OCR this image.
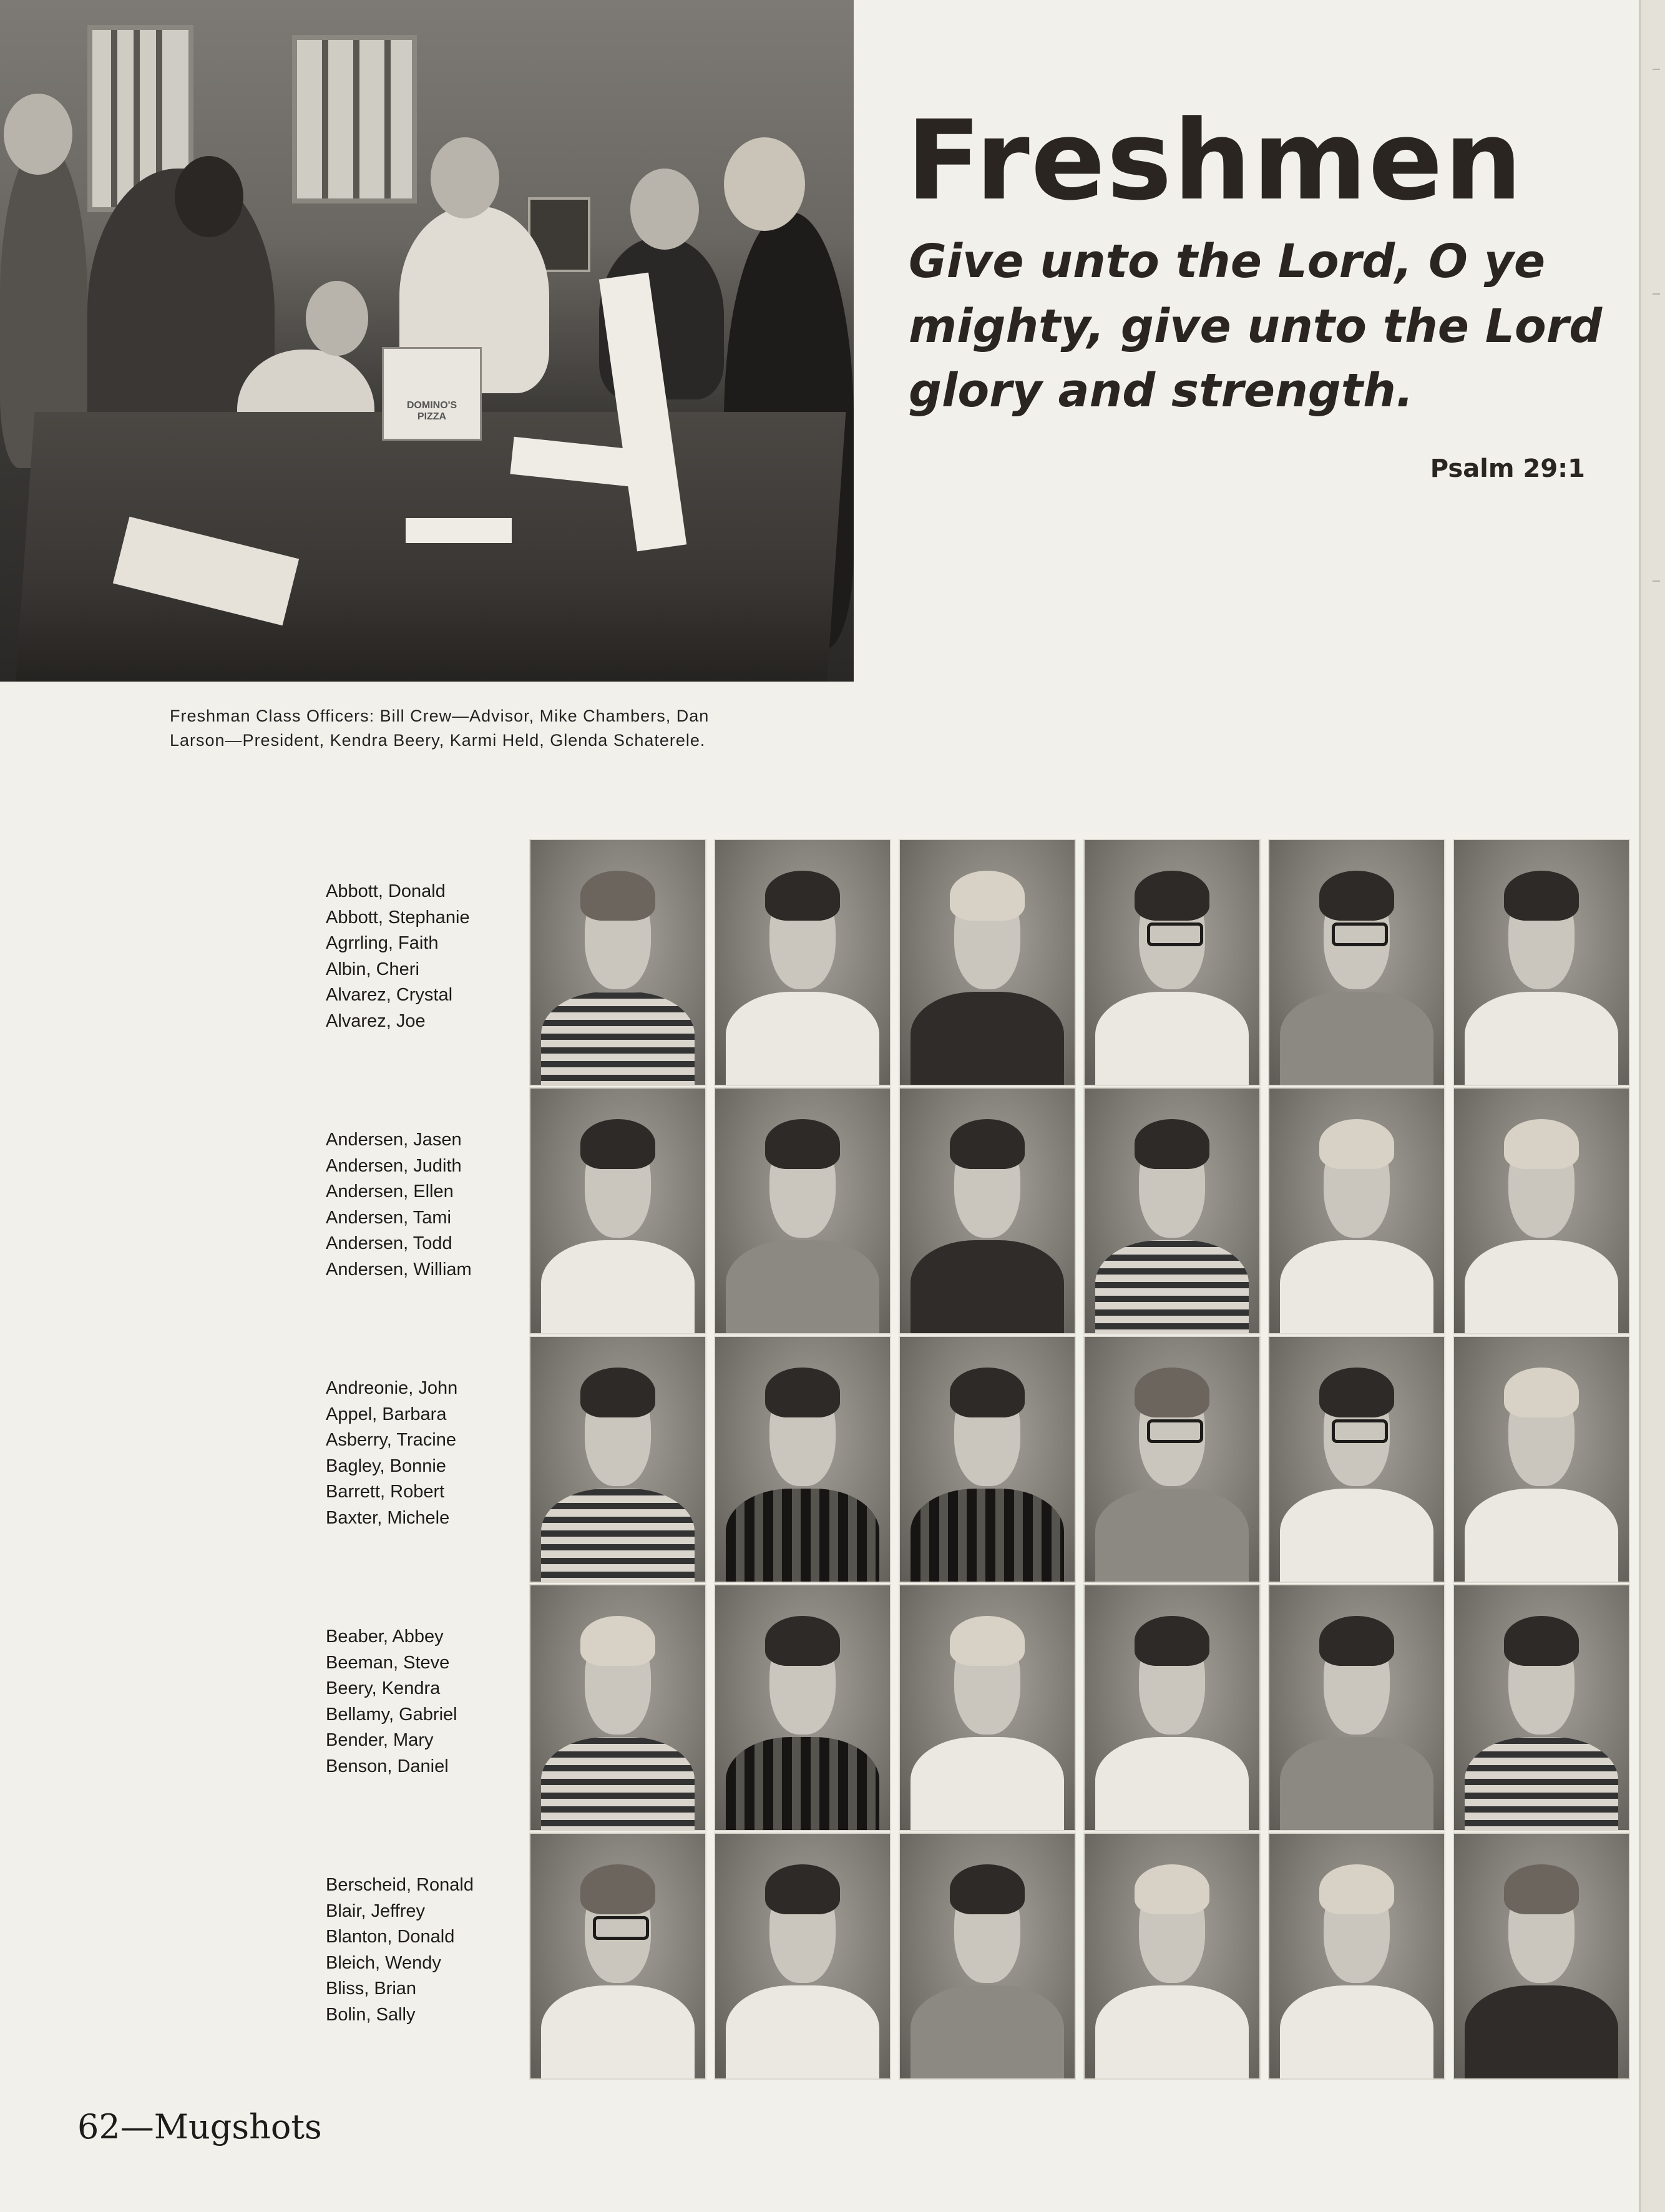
DOMINO'S
PIZZA
Freshman Class Officers: Bill Crew—Advisor, Mike Chambers, Dan
Larson—President, Kendra Beery, Karmi Held, Glenda Schaterele.
Freshmen
Give unto the Lord, O ye
mighty, give unto the Lord
glory and strength.
Psalm 29:1
Abbott, Donald
Abbott, Stephanie
Agrrling, Faith
Albin, Cheri
Alvarez, Crystal
Alvarez, Joe
Andersen, Jasen
Andersen, Judith
Andersen, Ellen
Andersen, Tami
Andersen, Todd
Andersen, William
Andreonie, John
Appel, Barbara
Asberry, Tracine
Bagley, Bonnie
Barrett, Robert
Baxter, Michele
Beaber, Abbey
Beeman, Steve
Beery, Kendra
Bellamy, Gabriel
Bender, Mary
Benson, Daniel
Berscheid, Ronald
Blair, Jeffrey
Blanton, Donald
Bleich, Wendy
Bliss, Brian
Bolin, Sally
62—Mugshots
